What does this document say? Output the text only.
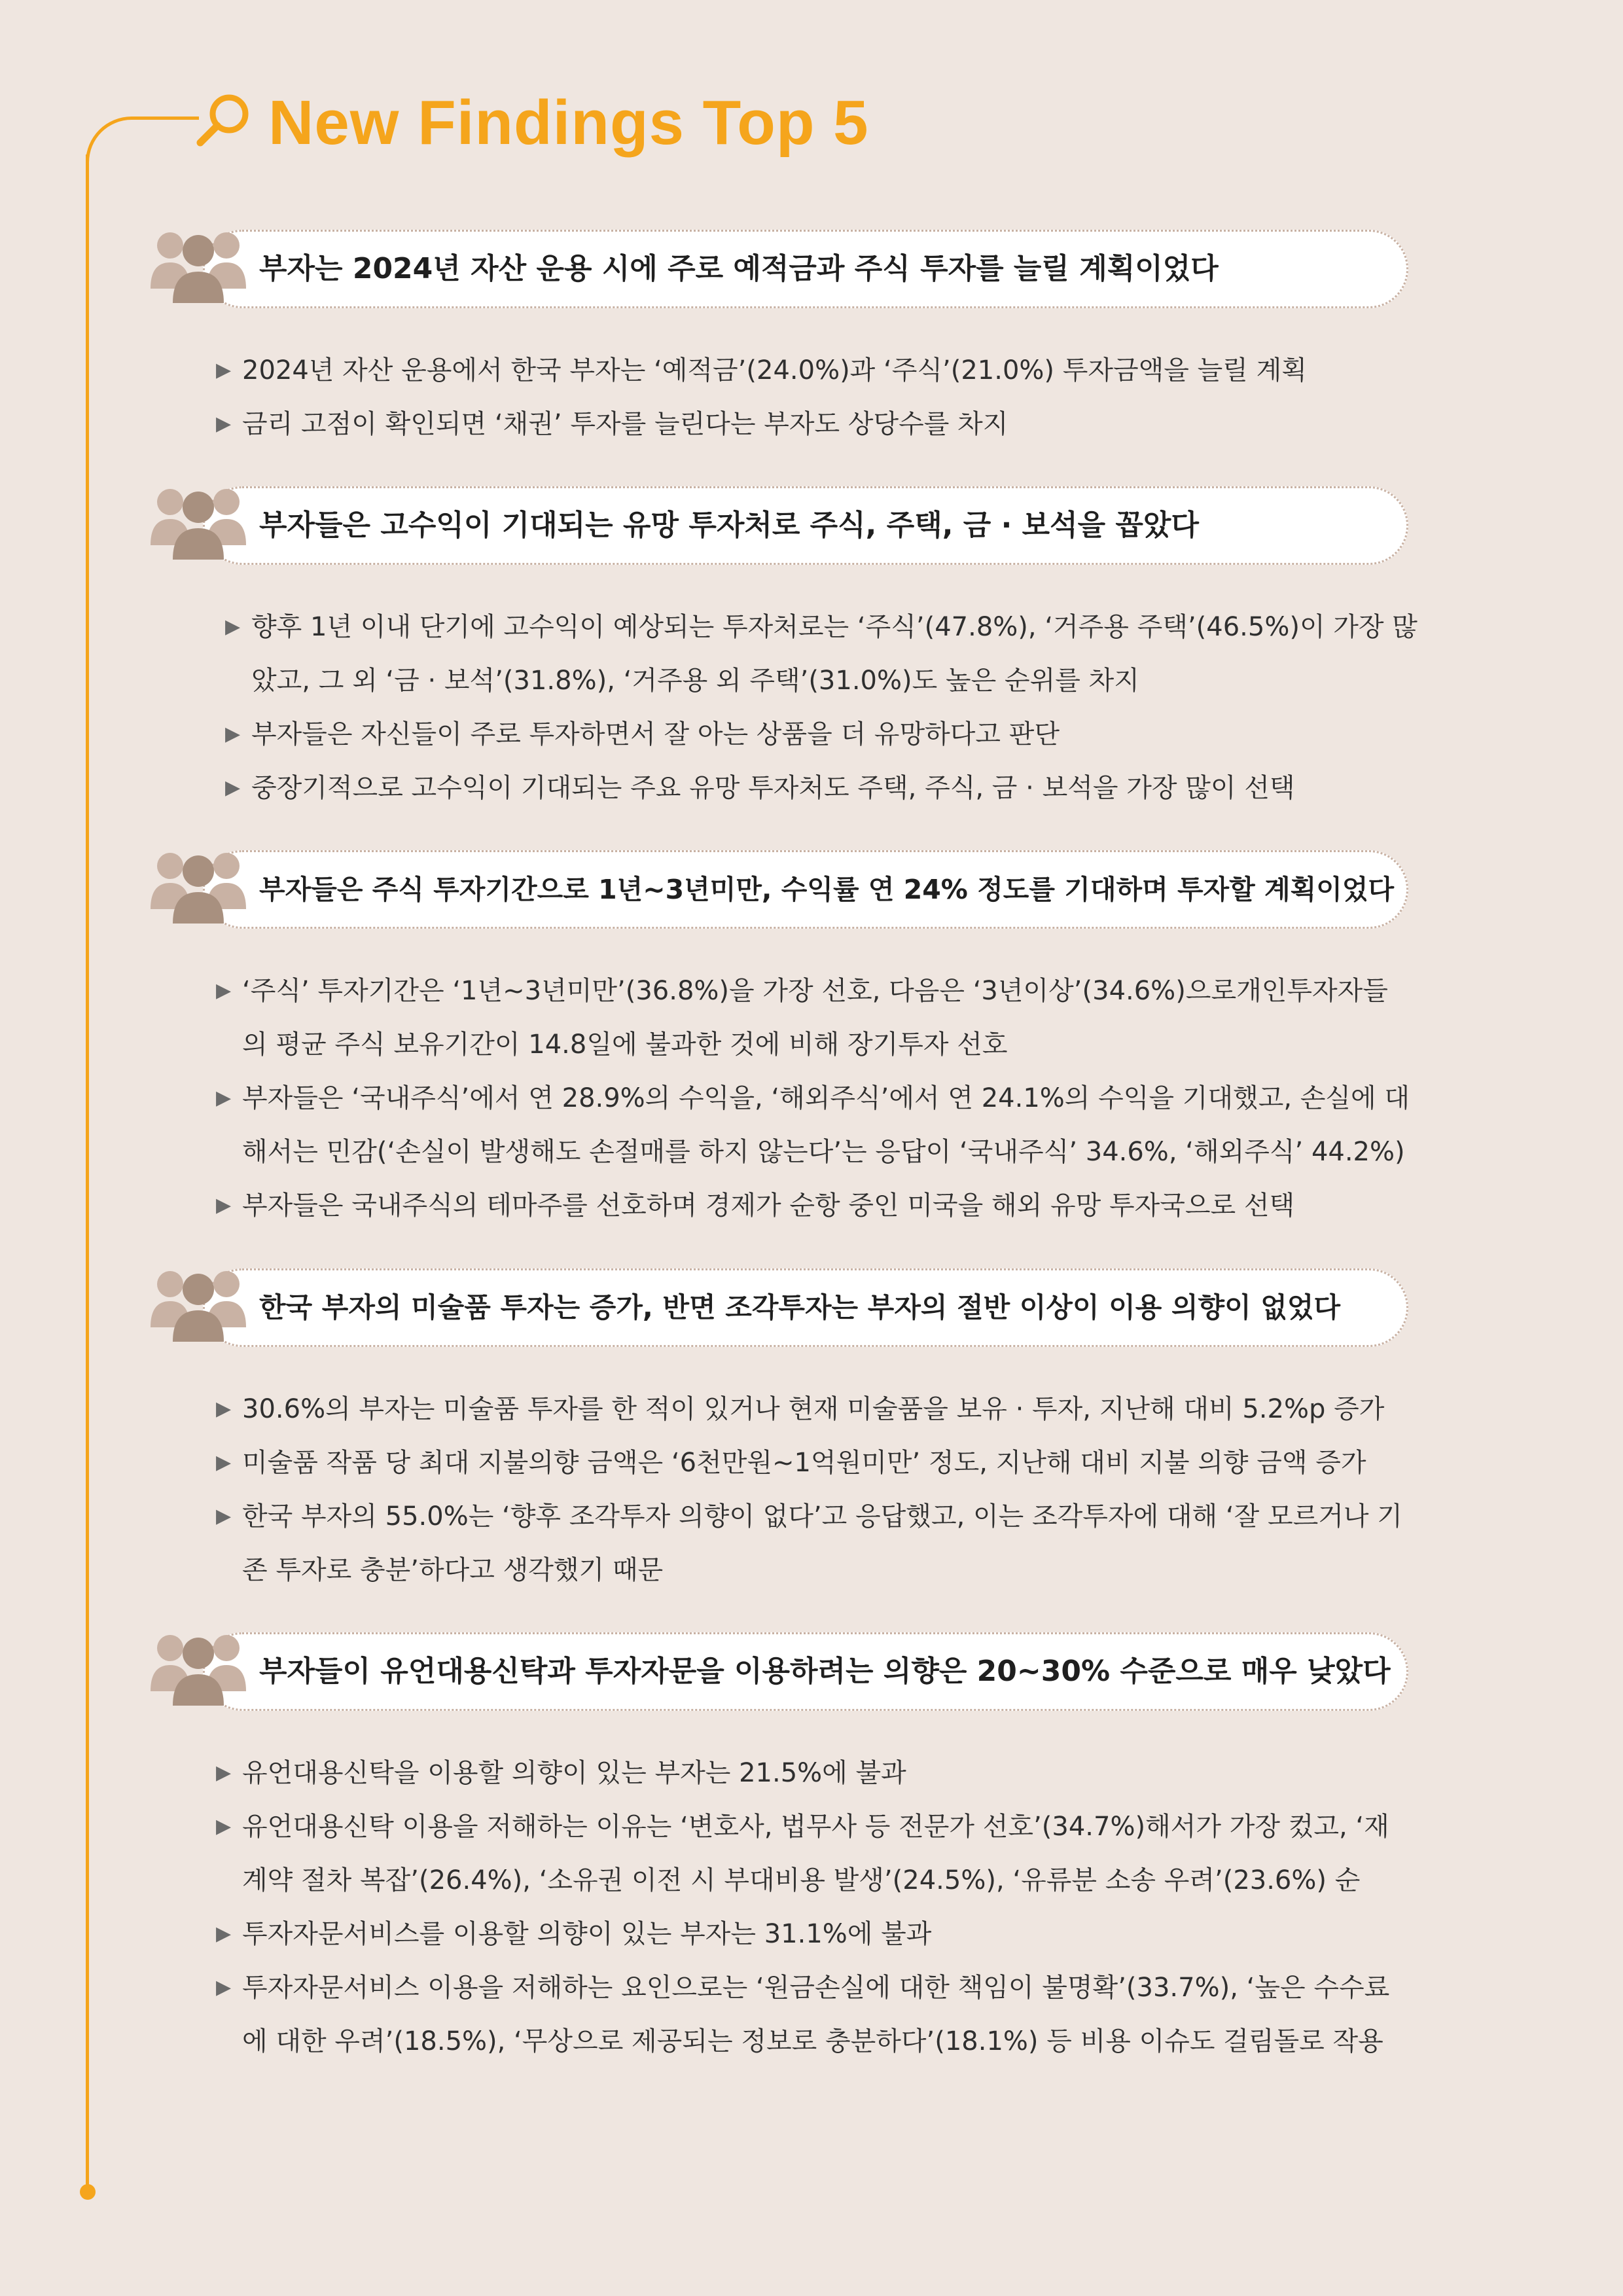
New Findings Top 5
부자는 2024년 자산 운용 시에 주로 예적금과 주식 투자를 늘릴 계획이었다
▶ 2024년 자산 운용에서 한국 부자는 ‘예적금’(24.0%)과 ‘주식’(21.0%) 투자금액을 늘릴 계획
▶ 금리 고점이 확인되면 ‘채권’ 투자를 늘린다는 부자도 상당수를 차지
부자들은 고수익이 기대되는 유망 투자처로 주식, 주택, 금 · 보석을 꼽았다
▶ 향후 1년 이내 단기에 고수익이 예상되는 투자처로는 ‘주식’(47.8%), ‘거주용 주택’(46.5%)이 가장 많았고, 그 외 ‘금 · 보석’(31.8%), ‘거주용 외 주택’(31.0%)도 높은 순위를 차지
▶ 부자들은 자신들이 주로 투자하면서 잘 아는 상품을 더 유망하다고 판단
▶ 중장기적으로 고수익이 기대되는 주요 유망 투자처도 주택, 주식, 금 · 보석을 가장 많이 선택
부자들은 주식 투자기간으로 1년~3년미만, 수익률 연 24% 정도를 기대하며 투자할 계획이었다
▶ ‘주식’ 투자기간은 ‘1년~3년미만’(36.8%)을 가장 선호, 다음은 ‘3년이상’(34.6%)으로개인투자자들의 평균 주식 보유기간이 14.8일에 불과한 것에 비해 장기투자 선호
▶ 부자들은 ‘국내주식’에서 연 28.9%의 수익을, ‘해외주식’에서 연 24.1%의 수익을 기대했고, 손실에 대해서는 민감(‘손실이 발생해도 손절매를 하지 않는다’는 응답이 ‘국내주식’ 34.6%, ‘해외주식’ 44.2%)
▶ 부자들은 국내주식의 테마주를 선호하며 경제가 순항 중인 미국을 해외 유망 투자국으로 선택
한국 부자의 미술품 투자는 증가, 반면 조각투자는 부자의 절반 이상이 이용 의향이 없었다
▶ 30.6%의 부자는 미술품 투자를 한 적이 있거나 현재 미술품을 보유 · 투자, 지난해 대비 5.2%p 증가
▶ 미술품 작품 당 최대 지불의향 금액은 ‘6천만원~1억원미만’ 정도, 지난해 대비 지불 의향 금액 증가
▶ 한국 부자의 55.0%는 ‘향후 조각투자 의향이 없다’고 응답했고, 이는 조각투자에 대해 ‘잘 모르거나 기존 투자로 충분’하다고 생각했기 때문
부자들이 유언대용신탁과 투자자문을 이용하려는 의향은 20~30% 수준으로 매우 낮았다
▶ 유언대용신탁을 이용할 의향이 있는 부자는 21.5%에 불과
▶ 유언대용신탁 이용을 저해하는 이유는 ‘변호사, 법무사 등 전문가 선호’(34.7%)해서가 가장 컸고, ‘재계약 절차 복잡’(26.4%), ‘소유권 이전 시 부대비용 발생’(24.5%), ‘유류분 소송 우려’(23.6%) 순
▶ 투자자문서비스를 이용할 의향이 있는 부자는 31.1%에 불과
▶ 투자자문서비스 이용을 저해하는 요인으로는 ‘원금손실에 대한 책임이 불명확’(33.7%), ‘높은 수수료에 대한 우려’(18.5%), ‘무상으로 제공되는 정보로 충분하다’(18.1%) 등 비용 이슈도 걸림돌로 작용
